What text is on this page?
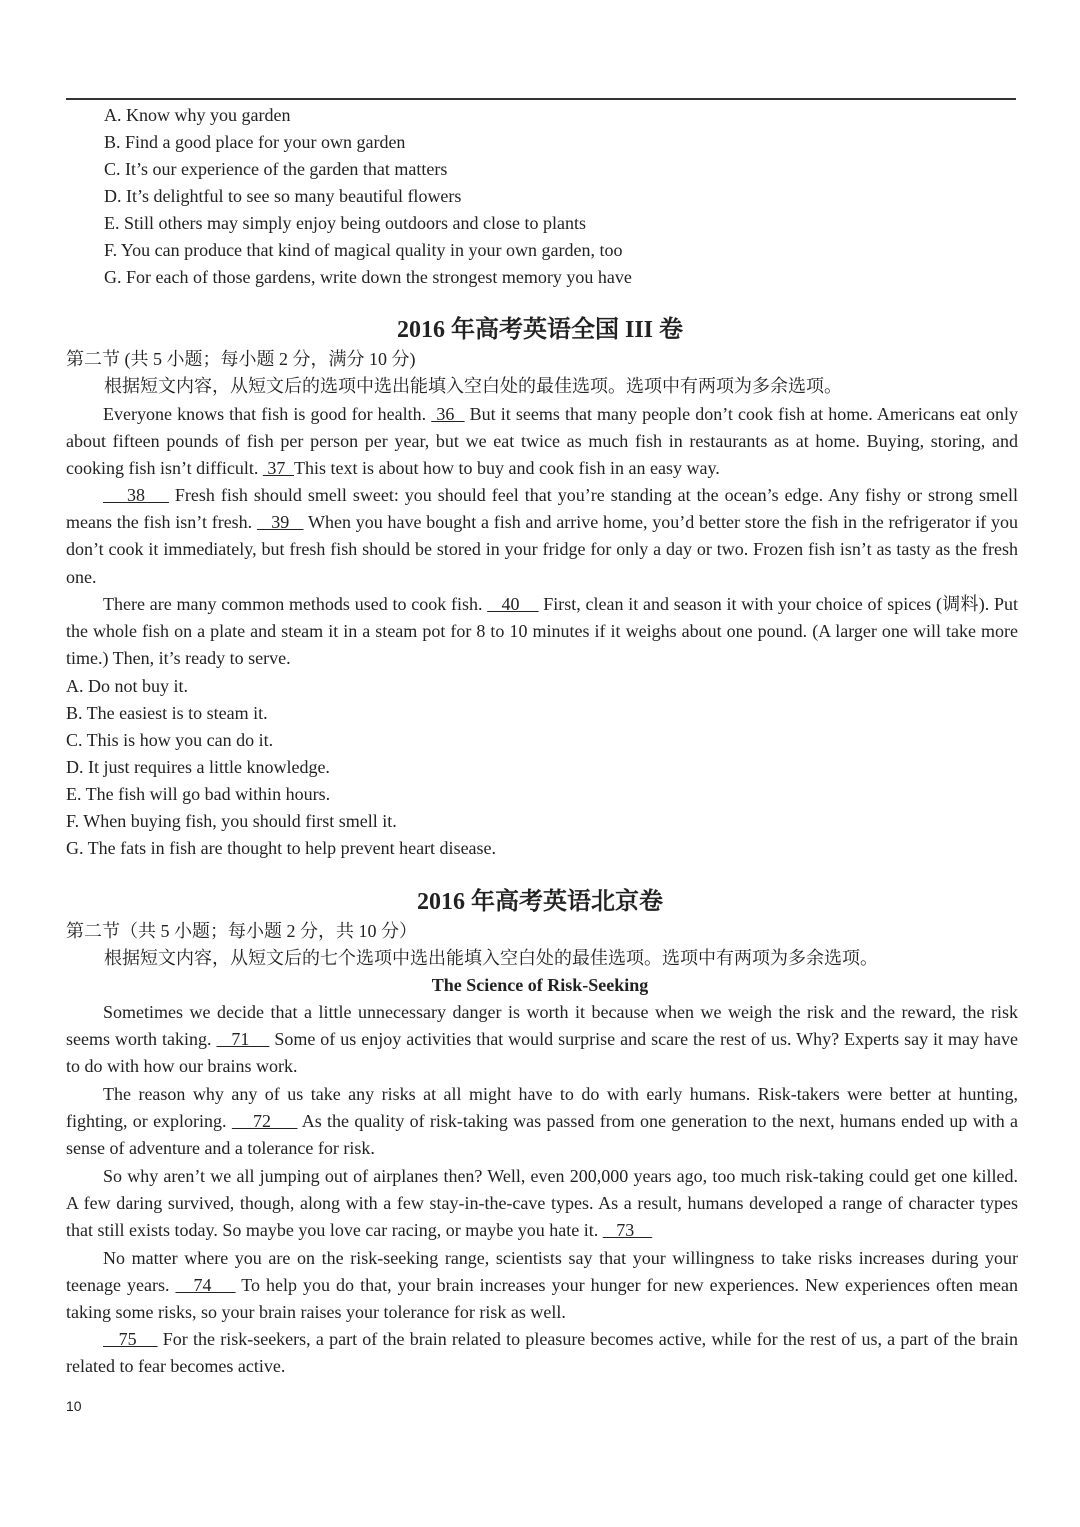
A. Know why you garden
B. Find a good place for your own garden
C. It’s our experience of the garden that matters
D. It’s delightful to see so many beautiful flowers
E. Still others may simply enjoy being outdoors and close to plants
F. You can produce that kind of magical quality in your own garden, too
G. For each of those gardens, write down the strongest memory you have
2016 年高考英语全国 III 卷
第二节 (共 5 小题；每小题 2 分，满分 10 分)
根据短文内容，从短文后的选项中选出能填入空白处的最佳选项。选项中有两项为多余选项。

Everyone knows that fish is good for health.  36   But it seems that many people don’t cook fish at home. Americans eat only about fifteen pounds of fish per person per year, but we eat twice as much fish in restaurants as at home. Buying, storing, and cooking fish isn’t difficult.  37  This text is about how to buy and cook fish in an easy way.

38     Fresh fish should smell sweet: you should feel that you’re standing at the ocean’s edge. Any fishy or strong smell means the fish isn’t fresh.    39    When you have bought a fish and arrive home, you’d better store the fish in the refrigerator if you don’t cook it immediately, but fresh fish should be stored in your fridge for only a day or two. Frozen fish isn’t as tasty as the fresh one.

There are many common methods used to cook fish.    40     First, clean it and season it with your choice of spices (调料). Put the whole fish on a plate and steam it in a steam pot for 8 to 10 minutes if it weighs about one pound. (A larger one will take more time.) Then, it’s ready to serve.

A. Do not buy it.
B. The easiest is to steam it.
C. This is how you can do it.
D. It just requires a little knowledge.
E. The fish will go bad within hours.
F. When buying fish, you should first smell it.
G. The fats in fish are thought to help prevent heart disease.
2016 年高考英语北京卷
第二节（共 5 小题；每小题 2 分，共 10 分）
根据短文内容，从短文后的七个选项中选出能填入空白处的最佳选项。选项中有两项为多余选项。
The Science of Risk-Seeking

Sometimes we decide that a little unnecessary danger is worth it because when we weigh the risk and the reward, the risk seems worth taking.    71     Some of us enjoy activities that would surprise and scare the rest of us. Why? Experts say it may have to do with how our brains work.

The reason why any of us take any risks at all might have to do with early humans. Risk-takers were better at hunting, fighting, or exploring.     72      As the quality of risk-taking was passed from one generation to the next, humans ended up with a sense of adventure and a tolerance for risk.

So why aren’t we all jumping out of airplanes then? Well, even 200,000 years ago, too much risk-taking could get one killed. A few daring survived, though, along with a few stay-in-the-cave types. As a result, humans developed a range of character types that still exists today. So maybe you love car racing, or maybe you hate it.    73

No matter where you are on the risk-seeking range, scientists say that your willingness to take risks increases during your teenage years.    74     To help you do that, your brain increases your hunger for new experiences. New experiences often mean taking some risks, so your brain raises your tolerance for risk as well.

75     For the risk-seekers, a part of the brain related to pleasure becomes active, while for the rest of us, a part of the brain related to fear becomes active.

10
